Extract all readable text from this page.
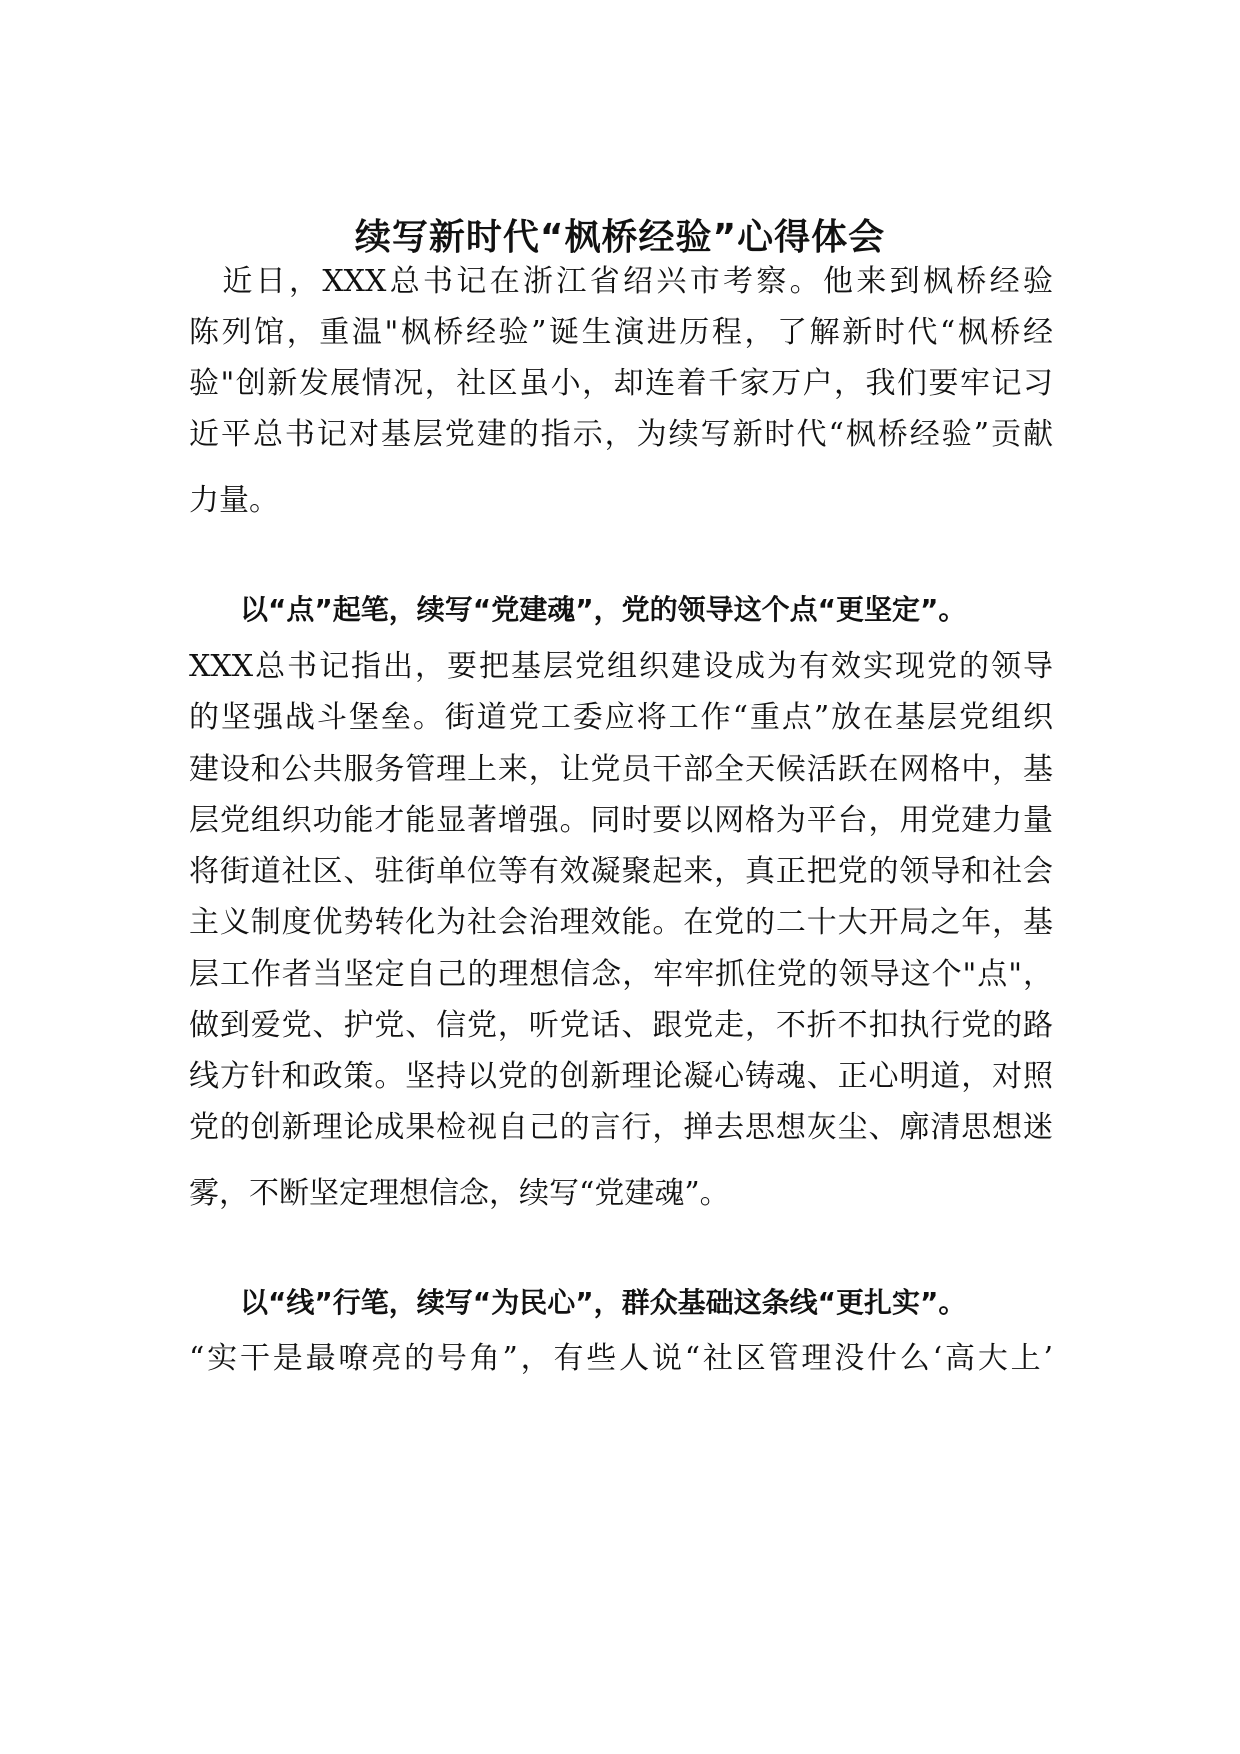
续写新时代“枫桥经验”心得体会
　近日，XXX总书记在浙江省绍兴市考察。他来到枫桥经验
陈列馆，重温"枫桥经验”诞生演进历程，了解新时代“枫桥经
验"创新发展情况，社区虽小，却连着千家万户，我们要牢记习
近平总书记对基层党建的指示，为续写新时代“枫桥经验”贡献
力量。
以“点”起笔，续写“党建魂”，党的领导这个点“更坚定”。
XXX总书记指出，要把基层党组织建设成为有效实现党的领导
的坚强战斗堡垒。街道党工委应将工作“重点”放在基层党组织
建设和公共服务管理上来，让党员干部全天候活跃在网格中，基
层党组织功能才能显著增强。同时要以网格为平台，用党建力量
将街道社区、驻街单位等有效凝聚起来，真正把党的领导和社会
主义制度优势转化为社会治理效能。在党的二十大开局之年，基
层工作者当坚定自己的理想信念，牢牢抓住党的领导这个"点"，
做到爱党、护党、信党，听党话、跟党走，不折不扣执行党的路
线方针和政策。坚持以党的创新理论凝心铸魂、正心明道，对照
党的创新理论成果检视自己的言行，掸去思想灰尘、廓清思想迷
雾，不断坚定理想信念，续写“党建魂”。
以“线”行笔，续写“为民心”，群众基础这条线“更扎实”。
“实干是最嘹亮的号角”，有些人说“社区管理没什么‘高大上’
